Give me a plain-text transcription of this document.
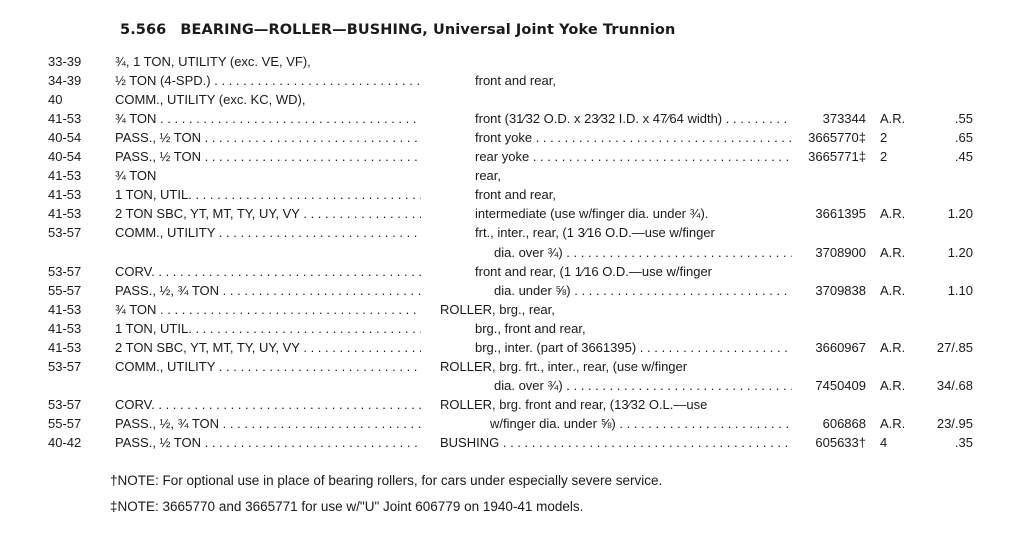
5.566 BEARING—ROLLER—BUSHING, Universal Joint Yoke Trunnion
33-39	¾, 1 TON, UTILITY (exc. VE, VF),
34-39	½ TON (4-SPD.) . . .	front and rear,
40	COMM., UTILITY (exc. KC, WD),
41-53	¾ TON . . .	front (31⁄32 O.D. x 23⁄32 I.D. x 47⁄64 width) . . .	373344 A.R.	.55
40-54	PASS., ½ TON . . .	front yoke . . .	3665770‡ 2	.65
40-54	PASS., ½ TON . . .	rear yoke . . .	3665771‡ 2	.45
41-53	¾ TON	rear,
41-53	1 TON, UTIL. . . .	front and rear,
41-53	2 TON SBC, YT, MT, TY, UY, VY . . .	intermediate (use w/finger dia. under ¾).	3661395 A.R.	1.20
53-57	COMM., UTILITY . . .	frt., inter., rear, (1 3⁄16 O.D.—use w/finger
dia. over ¾) . . .	3708900 A.R.	1.20
53-57	CORV. . . .	front and rear, (1 1⁄16 O.D.—use w/finger
55-57	PASS., ½, ¾ TON . . .	dia. under ⅝) . . .	3709838 A.R.	1.10
41-53	¾ TON . . .	ROLLER, brg., rear,
41-53	1 TON, UTIL. . . .	brg., front and rear,
41-53	2 TON SBC, YT, MT, TY, UY, VY . . .	brg., inter. (part of 3661395) . . .	3660967 A.R.	27/.85
53-57	COMM., UTILITY . . .	ROLLER, brg. frt., inter., rear, (use w/finger
dia. over ¾) . . .	7450409 A.R.	34/.68
53-57	CORV. . . .	ROLLER, brg. front and rear, (13⁄32 O.L.—use
55-57	PASS., ½, ¾ TON . . .	w/finger dia. under ⅝) . . .	606868 A.R.	23/.95
40-42	PASS., ½ TON . . .	BUSHING . . .	605633† 4	.35
†NOTE: For optional use in place of bearing rollers, for cars under especially severe service.
‡NOTE: 3665770 and 3665771 for use w/"U" Joint 606779 on 1940-41 models.
